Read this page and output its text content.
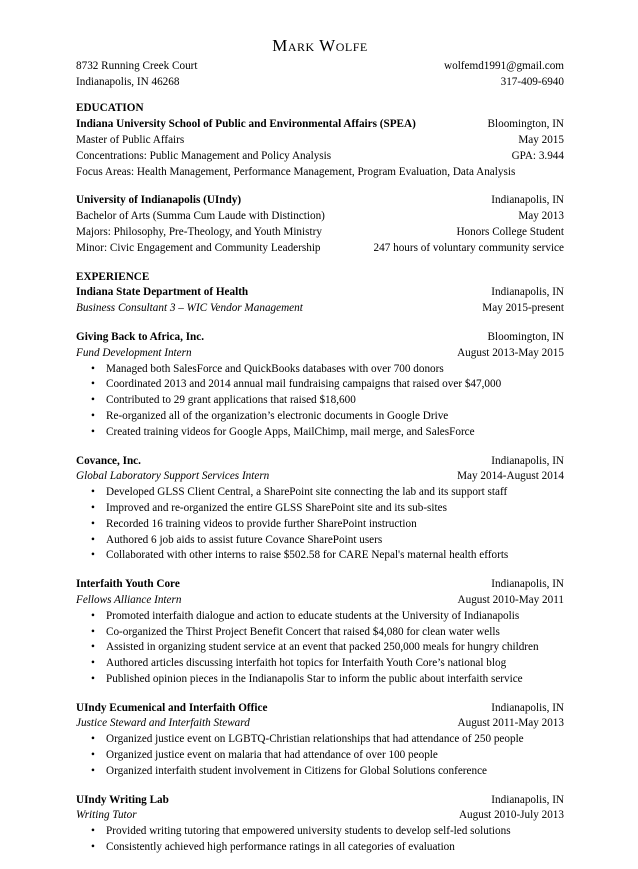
Mark Wolfe
8732 Running Creek Court	wolfemd1991@gmail.com
Indianapolis, IN 46268	317-409-6940
EDUCATION
Indiana University School of Public and Environmental Affairs (SPEA)	Bloomington, IN
Master of Public Affairs	May 2015
Concentrations: Public Management and Policy Analysis	GPA: 3.944
Focus Areas: Health Management, Performance Management, Program Evaluation, Data Analysis
University of Indianapolis (UIndy)	Indianapolis, IN
Bachelor of Arts (Summa Cum Laude with Distinction)	May 2013
Majors: Philosophy, Pre-Theology, and Youth Ministry	Honors College Student
Minor: Civic Engagement and Community Leadership	247 hours of voluntary community service
EXPERIENCE
Indiana State Department of Health	Indianapolis, IN
Business Consultant 3 – WIC Vendor Management	May 2015-present
Giving Back to Africa, Inc.	Bloomington, IN
Fund Development Intern	August 2013-May 2015
• Managed both SalesForce and QuickBooks databases with over 700 donors
• Coordinated 2013 and 2014 annual mail fundraising campaigns that raised over $47,000
• Contributed to 29 grant applications that raised $18,600
• Re-organized all of the organization’s electronic documents in Google Drive
• Created training videos for Google Apps, MailChimp, mail merge, and SalesForce
Covance, Inc.	Indianapolis, IN
Global Laboratory Support Services Intern	May 2014-August 2014
• Developed GLSS Client Central, a SharePoint site connecting the lab and its support staff
• Improved and re-organized the entire GLSS SharePoint site and its sub-sites
• Recorded 16 training videos to provide further SharePoint instruction
• Authored 6 job aids to assist future Covance SharePoint users
• Collaborated with other interns to raise $502.58 for CARE Nepal's maternal health efforts
Interfaith Youth Core	Indianapolis, IN
Fellows Alliance Intern	August 2010-May 2011
• Promoted interfaith dialogue and action to educate students at the University of Indianapolis
• Co-organized the Thirst Project Benefit Concert that raised $4,080 for clean water wells
• Assisted in organizing student service at an event that packed 250,000 meals for hungry children
• Authored articles discussing interfaith hot topics for Interfaith Youth Core’s national blog
• Published opinion pieces in the Indianapolis Star to inform the public about interfaith service
UIndy Ecumenical and Interfaith Office	Indianapolis, IN
Justice Steward and Interfaith Steward	August 2011-May 2013
• Organized justice event on LGBTQ-Christian relationships that had attendance of 250 people
• Organized justice event on malaria that had attendance of over 100 people
• Organized interfaith student involvement in Citizens for Global Solutions conference
UIndy Writing Lab	Indianapolis, IN
Writing Tutor	August 2010-July 2013
• Provided writing tutoring that empowered university students to develop self-led solutions
• Consistently achieved high performance ratings in all categories of evaluation
